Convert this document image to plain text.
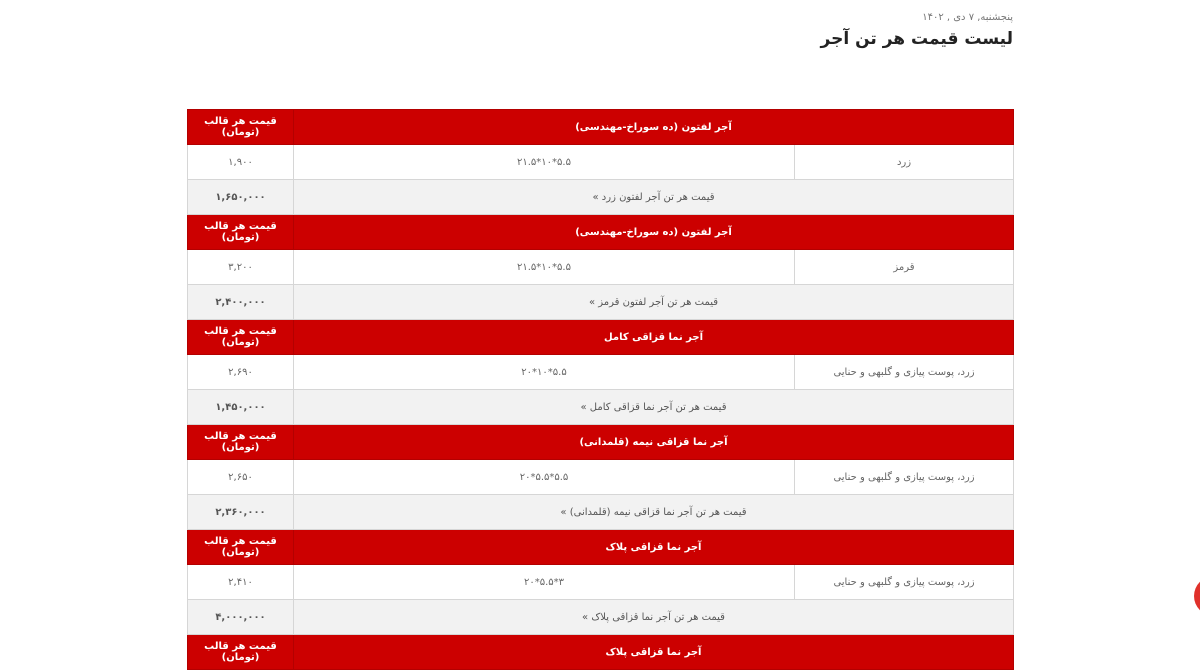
پنجشنبه, ۷ دی , ۱۴۰۲
لیست قیمت هر تن آجر
آجر لفتون (ده سوراخ-مهندسی)		قیمت هر قالب (تومان)
زرد	۲۱.۵*۱۰*۵.۵	۱,۹۰۰
قیمت هر تن آجر لفتون زرد »		۱,۶۵۰,۰۰۰
آجر لفتون (ده سوراخ-مهندسی)		قیمت هر قالب (تومان)
قرمز	۲۱.۵*۱۰*۵.۵	۳,۲۰۰
قیمت هر تن آجر لفتون قرمز »		۲,۴۰۰,۰۰۰
آجر نما قزاقی کامل		قیمت هر قالب (تومان)
زرد، پوست پیازی و گلبهی و حنایی	۲۰*۱۰*۵.۵	۲,۶۹۰
قیمت هر تن آجر نما قزاقی کامل »		۱,۴۵۰,۰۰۰
آجر نما قزاقی نیمه (قلمدانی)		قیمت هر قالب (تومان)
زرد، پوست پیازی و گلبهی و حنایی	۲۰*۵.۵*۵.۵	۲,۶۵۰
قیمت هر تن آجر نما قزاقی نیمه (قلمدانی) »		۲,۳۶۰,۰۰۰
آجر نما قزاقی پلاک		قیمت هر قالب (تومان)
زرد، پوست پیازی و گلبهی و حنایی	۲۰*۵.۵*۳	۲,۴۱۰
قیمت هر تن آجر نما قزاقی پلاک »		۴,۰۰۰,۰۰۰
آجر نما قزاقی پلاک		قیمت هر قالب (تومان)
